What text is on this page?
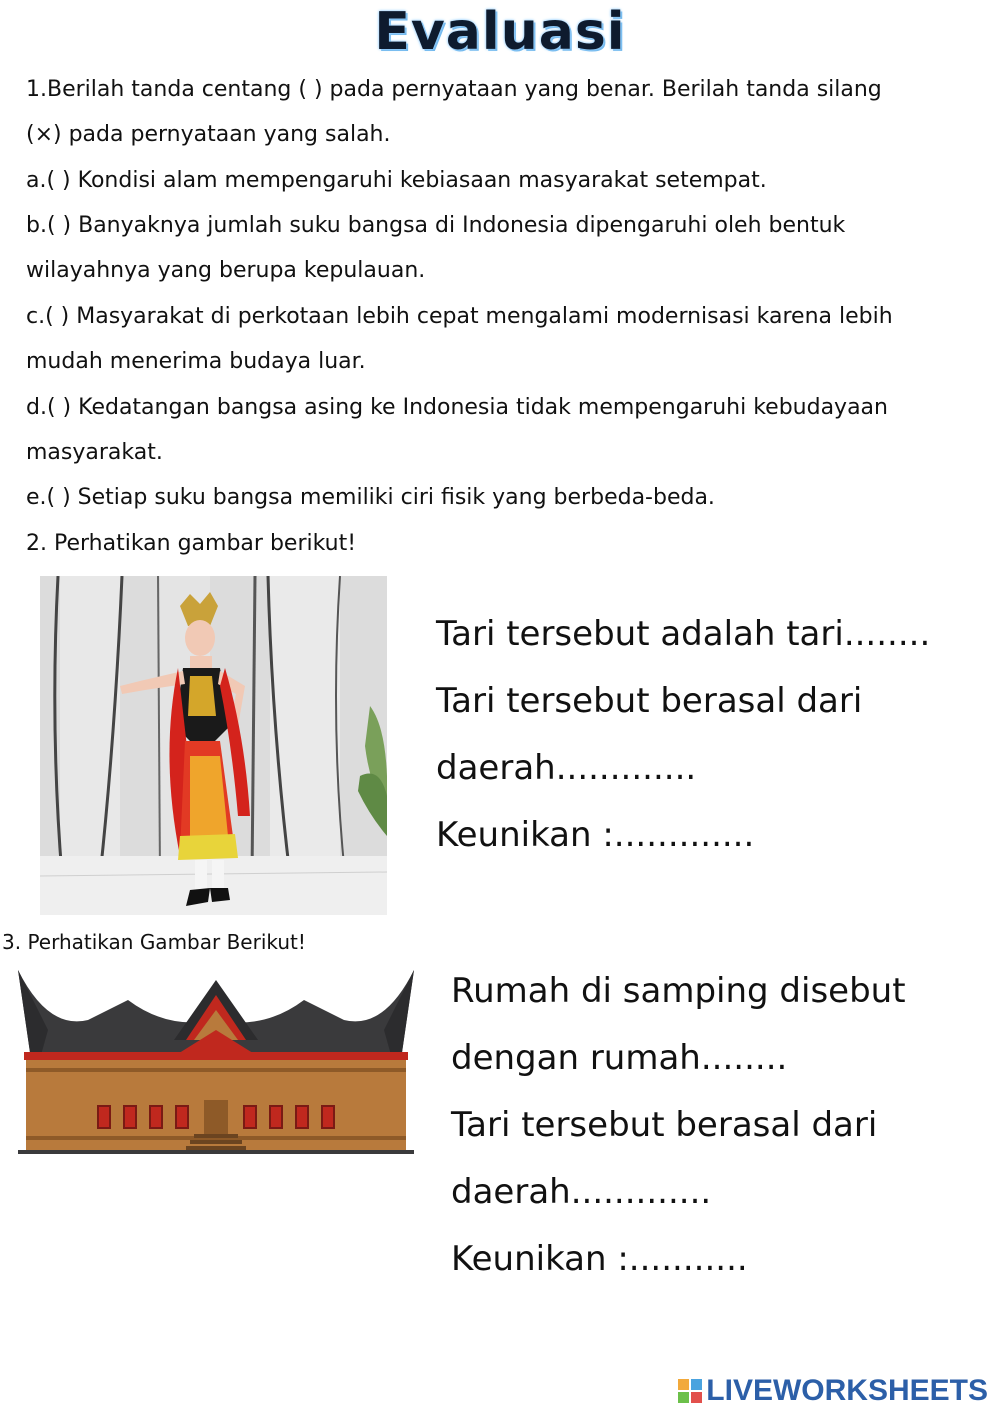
Evaluasi
1.Berilah tanda centang ( ) pada pernyataan yang benar. Berilah tanda silang
(×) pada pernyataan yang salah.
a.( ) Kondisi alam mempengaruhi kebiasaan masyarakat setempat.
b.( ) Banyaknya jumlah suku bangsa di Indonesia dipengaruhi oleh bentuk
wilayahnya yang berupa kepulauan.
c.( ) Masyarakat di perkotaan lebih cepat mengalami modernisasi karena lebih
mudah menerima budaya luar.
d.( ) Kedatangan bangsa asing ke Indonesia tidak mempengaruhi kebudayaan
masyarakat.
e.( ) Setiap suku bangsa memiliki ciri fisik yang berbeda-beda.
2. Perhatikan gambar berikut!
Tari tersebut adalah tari........
Tari tersebut berasal dari
daerah.............
Keunikan :.............
3. Perhatikan Gambar Berikut!
Rumah di samping disebut
dengan rumah........
Tari tersebut berasal dari
daerah.............
Keunikan :...........
LIVEWORKSHEETS
